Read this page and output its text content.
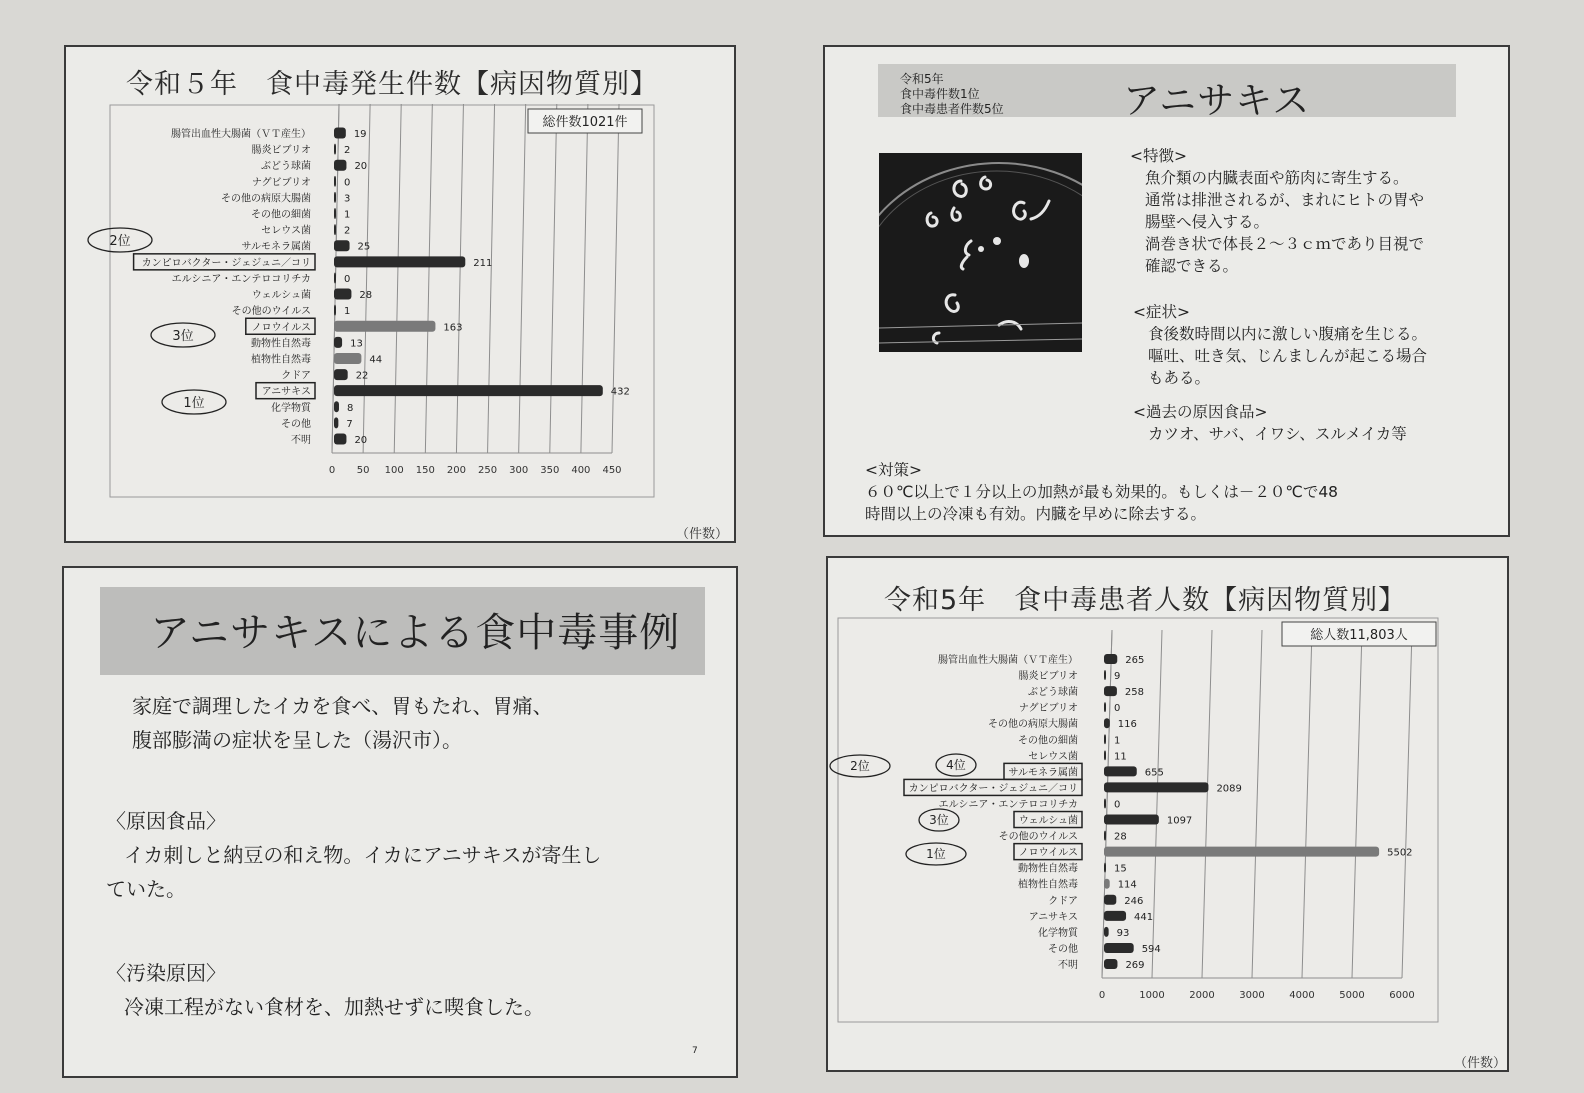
令和５年　食中毒発生件数【病因物質別】
0 50 100 150 200 250 300 350 400 450
腸管出血性大腸菌（ＶＴ産生）	19
腸炎ビブリオ	2
ぶどう球菌	20
ナグビブリオ	0
その他の病原大腸菌	3
その他の細菌	1
セレウス菌	2
サルモネラ属菌	25
カンピロバクター・ジェジュニ／コリ	211
エルシニア・エンテロコリチカ	0
ウェルシュ菌	28
その他のウイルス	1
ノロウイルス	163
動物性自然毒	13
植物性自然毒	44
クドア	22
アニサキス	432
化学物質	8
その他	7
不明	20
総件数1021件
2位
3位
1位
（件数）
令和5年
食中毒件数1位
食中毒患者件数5位	アニサキス
<特徴>
魚介類の内臓表面や筋肉に寄生する。
通常は排泄されるが、まれにヒトの胃や
腸壁へ侵入する。
渦巻き状で体長２～３ｃｍであり目視で
確認できる。
<症状>
食後数時間以内に激しい腹痛を生じる。
嘔吐、吐き気、じんましんが起こる場合
もある。
<過去の原因食品>
カツオ、サバ、イワシ、スルメイカ等
<対策>
６０℃以上で１分以上の加熱が最も効果的。もしくは－２０℃で48
時間以上の冷凍も有効。内臓を早めに除去する。
アニサキスによる食中毒事例
家庭で調理したイカを食べ、胃もたれ、胃痛、
腹部膨満の症状を呈した（湯沢市）。
〈原因食品〉
イカ刺しと納豆の和え物。イカにアニサキスが寄生し
ていた。
〈汚染原因〉
冷凍工程がない食材を、加熱せずに喫食した。
7
令和5年　食中毒患者人数【病因物質別】
0	1000 2000 3000 4000 5000 6000
腸管出血性大腸菌（ＶＴ産生）	265
腸炎ビブリオ	9
ぶどう球菌	258
ナグビブリオ	0
その他の病原大腸菌	116
その他の細菌	1
セレウス菌	11
サルモネラ属菌	655
カンピロバクター・ジェジュニ／コリ	2089
エルシニア・エンテロコリチカ	0
ウェルシュ菌	1097
その他のウイルス	28
ノロウイルス	5502
動物性自然毒	15
植物性自然毒	114
クドア	246
アニサキス	441
化学物質	93
その他	594
不明	269
総人数11,803人
2位	4位
3位
1位
（件数）
